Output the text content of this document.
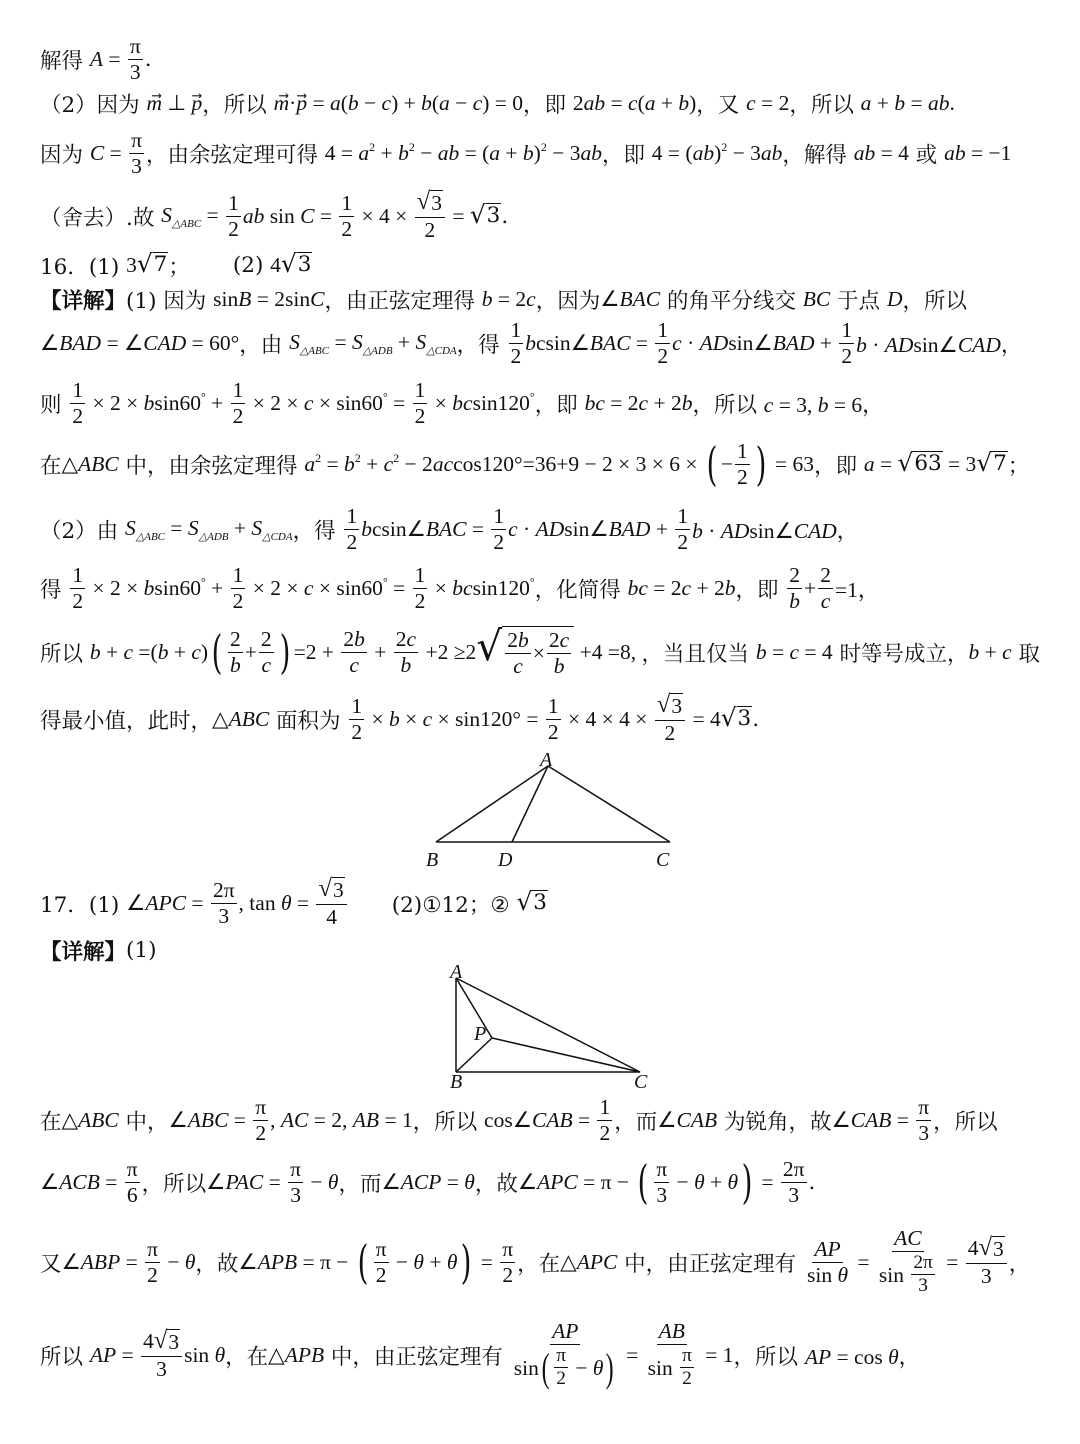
解得 $A = \frac{\pi}{3}$ .
（2）因为 m⃗ ⊥ p ，所以 m⃗·p⃗ = a(b − c) + b(a − c) = 0 ，即 2ab = c(a + b) ，又 c = 2 ，所以 a + b = ab.
因为 $C = \frac{\pi}{3}$ ，由余弦定理可得 $4 = a^2 + b^2$ − ab = $(a + b)^2 - 3ab$ ，即 4 = (ab)$^2$ − 3ab ，解得 ab = 4 或 ab = −1
（舍去）.故 $S_{\triangle ABC} = \frac{1}{2}$ ab $\sin C = \frac{1}{2} \times 4 \times \frac{√ 3}{2}$ = √ 3 .
16．(1) 3 √ 7 ；   (2) 4 √ 3
【详解】 (1) 因为 sinB = 2sinC ，由正弦定理得 b = 2c ，因为 ∠BAC 的角平分线交 BC 于点 D ，所以
∠BAD = ∠CAD = 60° ，由 $S_{\triangle ABC} = S_{\triangle ADB} + S_{\triangle CDA}$ ，得 $\frac{1}{2}$ bcsin∠BAC = $\frac{1}{2}$ c · ADsin∠BAD + $\frac{1}{2}$ b · ADsin∠CAD，
则 $\frac{1}{2} \times 2 \times bsin60^\circ + \frac{1}{2} \times 2 \times c \times \sin 60^\circ = \frac{1}{2} \times bcsin120^\circ$ ，即 bc = 2c + 2b ，所以 c = 3, b = 6，
在 △ABC 中，由余弦定理得 $a^2 = b^2 + c^2 - 2accos120^\circ=36+9 - 2 \times 3 \times 6$ × ( − $\frac{1}{2}$ ) = 63 ，即 a = √ 63 = 3 √ 7 ；
（2）由 $S_{\triangle ABC} = S_{\triangle ADB} + S_{\triangle CDA}$ ，得 $\frac{1}{2}$ bcsin∠BAC = $\frac{1}{2}$ c · ADsin∠BAD + $\frac{1}{2}$ b · ADsin∠CAD，
得 $\frac{1}{2} \times 2 \times bsin60^\circ + \frac{1}{2} \times 2 \times c \times \sin 60^\circ = \frac{1}{2} \times bcsin120^\circ$ ，化简得 bc = 2c + 2b ，即 $\frac{2}{b} + \frac{2}{c} =1$，
所以 b + c =(b + c) ( $\frac{2}{b} + \frac{2}{c}$ ) $=2 + \frac{2b}{c} + \frac{2c}{b} +2 \ge 2$ √ $\frac{2b}{c} \times \frac{2c}{b} +4 =8$, ，当且仅当 b = c = 4 时等号成立， b + c 取
得最小值，此时， △ABC 面积为 $\frac{1}{2} \times b \times c \times \sin 120^\circ = \frac{1}{2} \times 4 \times 4 \times \frac{√ 3}{2} = 4$ √ 3 .
A
B	D	C
17．(1) ∠APC = $\frac{2\pi}{3}$ , $\tan \theta = \frac{√ 3}{4}$
   (2)①12；② √ 3
【详解】 (1)
A
B
P
C
在 △ABC 中， ∠ABC = $\frac{\pi}{2}$ , AC = 2, AB = 1 ，所以 cos∠CAB = $\frac{1}{2}$ ，而 ∠CAB 为锐角，故 ∠CAB = $\frac{\pi}{3}$ ，所以
∠ACB = $\frac{\pi}{6}$ ，所以 ∠PAC = $\frac{\pi}{3} - \theta$ ，而 ∠ACP = θ ，故 ∠APC = π − ( $\frac{\pi}{3} - \theta + \theta$ ) = $\frac{2\pi}{3}$ .
又 ∠ABP = $\frac{\pi}{2} - \theta$ ，故 ∠APB = π − ( $\frac{\pi}{2} - \theta + \theta$ ) = $\frac{\pi}{2}$ ，在 △APC 中，由正弦定理有 $\frac{AP}{\text{sin θ}} = \frac{AC}{\sin \frac{2\pi}{3}} = \frac{4 √ 3}{3}$ ，
所以 AP = $\frac{4 √ 3}{3}$ sin θ ，在 △APB 中，由正弦定理有 $\frac{AP}{\sin ( \frac{\pi}{2} - \theta )} = \frac{AB}{\sin \frac{\pi}{2}} = 1$ ，所以 AP = cos θ，
